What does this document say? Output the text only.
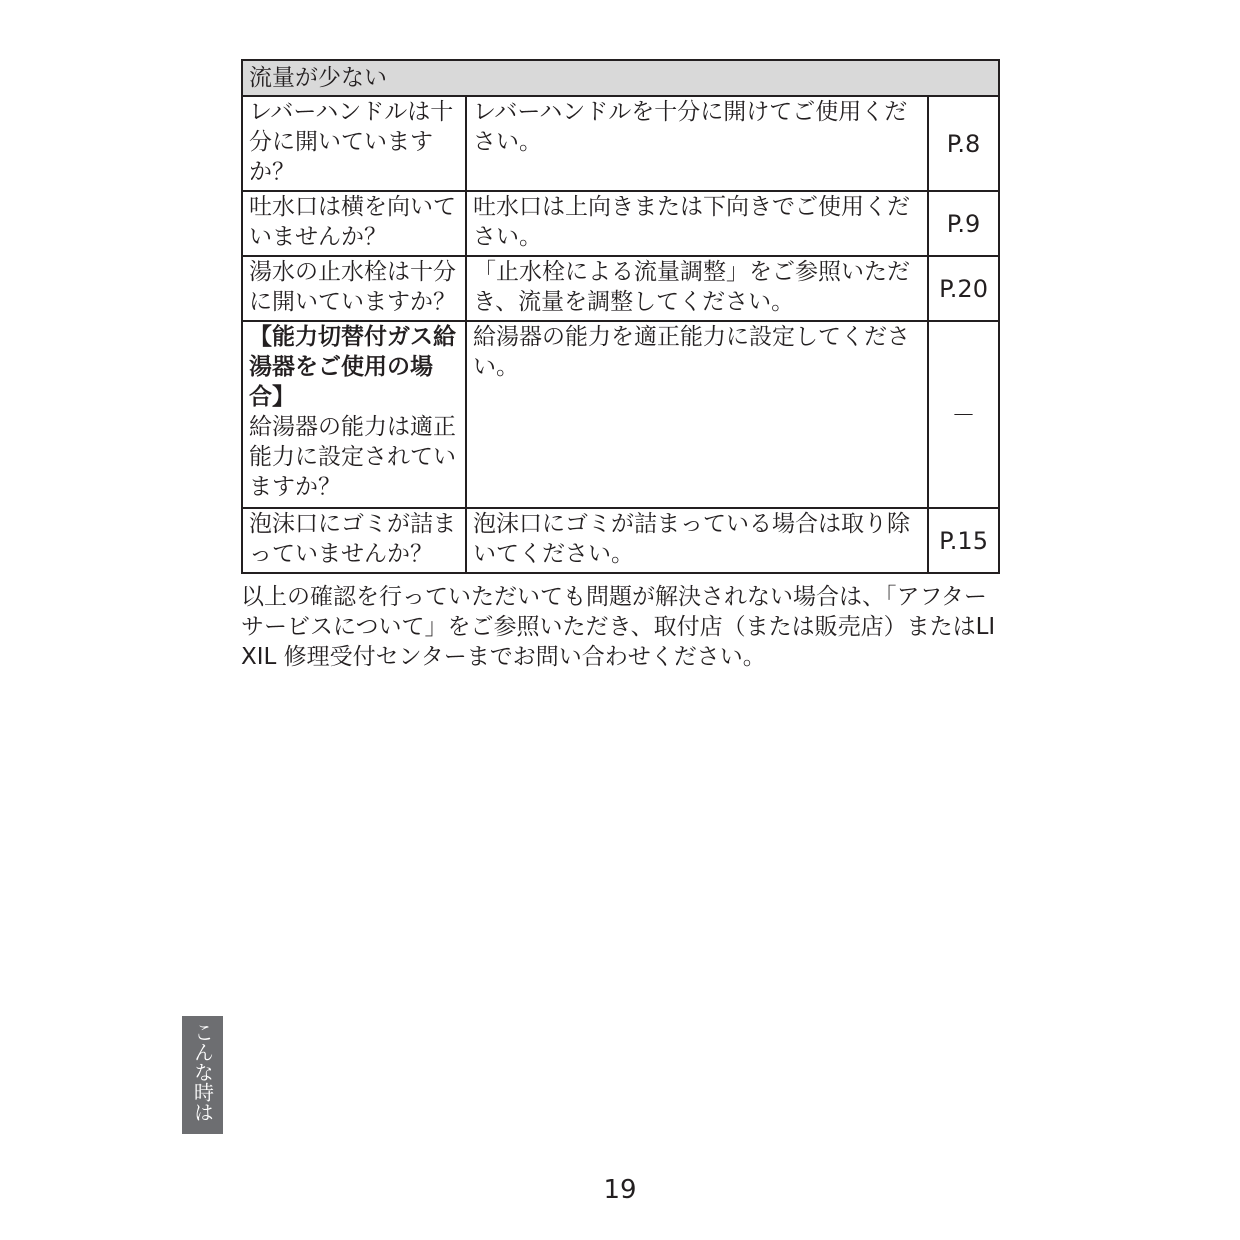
流量が少ない		
レバーハンドルは十分に開いていますか？	レバーハンドルを十分に開けてご使用ください。	P.8
吐水口は横を向いていませんか？	吐水口は上向きまたは下向きでご使用ください。	P.9
湯水の止水栓は十分に開いていますか？	「止水栓による流量調整」をご参照いただき、流量を調整してください。	P.20

【能力切替付ガス給湯器をご使用の場合】
給湯器の能力は適正能力に設定されていますか？	給湯器の能力を適正能力に設定してください。	－
泡沫口にゴミが詰まっていませんか？	泡沫口にゴミが詰まっている場合は取り除いてください。	P.15
以上の確認を行っていただいても問題が解決されない場合は、「アフターサービスについて」をご参照いただき、取付店（または販売店）またはLIXIL 修理受付センターまでお問い合わせください。
こんな時は
19
